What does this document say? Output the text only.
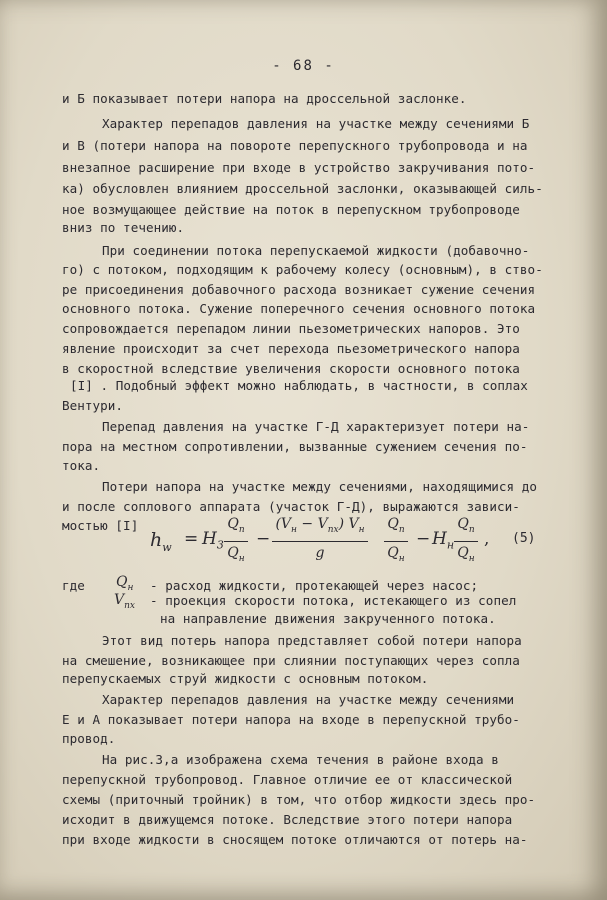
- 68 -
и Б показывает потери напора на дроссельной заслонке.
Характер перепадов давления на участке между сечениями Б
и В (потери напора на повороте перепускного трубопровода и на
внезапное расширение при входе в устройство закручивания пото-
ка) обусловлен влиянием дроссельной заслонки, оказывающей силь-
ное возмущающее действие на поток в перепускном трубопроводе
вниз по течению.
При соединении потока перепускаемой жидкости (добавочно-
го) с потоком, подходящим к рабочему колесу (основным), в ство-
ре присоединения добавочного расхода возникает сужение сечения
основного потока. Сужение поперечного сечения основного потока
сопровождается перепадом линии пьезометрических напоров. Это
явление происходит за счет перехода пьезометрического напора
в скоростной вследствие увеличения скорости основного потока
[I] . Подобный эффект можно наблюдать, в частности, в соплах
Вентури.
Перепад давления на участке Г-Д характеризует потери на-
пора на местном сопротивлении, вызванные сужением сечения по-
тока.
Потери напора на участке между сечениями, находящимися до
и после соплового аппарата (участок Г-Д), выражаются зависи-
мостью [I]
$h_w = H_3$
$Q_п$
$Q_н$
−
$(V_н - V_{пх})$ $V_н$
g
$Q_п$
$Q_н$
− $H_н$
$Q_п$
$Q_н$
, (5)
где $Q_н$ - расход жидкости, протекающей через насос;
$V_{пх}$ - проекция скорости потока, истекающего из сопел
на направление движения закрученного потока.
Этот вид потерь напора представляет собой потери напора
на смешение, возникающее при слиянии поступающих через сопла
перепускаемых струй жидкости с основным потоком.
Характер перепадов давления на участке между сечениями
Е и А показывает потери напора на входе в перепускной трубо-
провод.
На рис.3,а изображена схема течения в районе входа в
перепускной трубопровод. Главное отличие ее от классической
схемы (приточный тройник) в том, что отбор жидкости здесь про-
исходит в движущемся потоке. Вследствие этого потери напора
при входе жидкости в сносящем потоке отличаются от потерь на-
